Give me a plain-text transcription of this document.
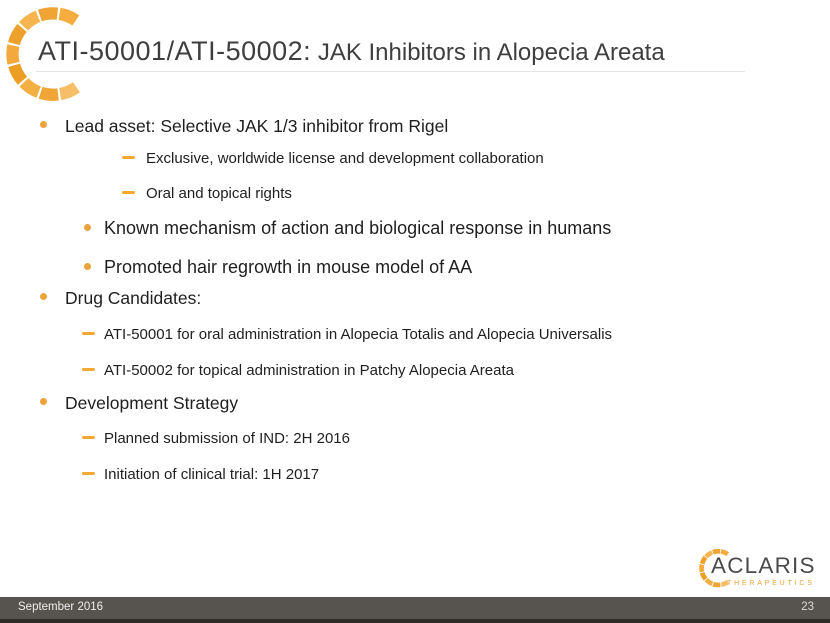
ATI-50001/ATI-50002: JAK Inhibitors in Alopecia Areata
Lead asset: Selective JAK 1/3 inhibitor from Rigel
Exclusive, worldwide license and development collaboration
Oral and topical rights
Known mechanism of action and biological response in humans
Promoted hair regrowth in mouse model of AA
Drug Candidates:
ATI-50001 for oral administration in Alopecia Totalis and Alopecia Universalis
ATI-50002 for topical administration in Patchy Alopecia Areata
Development Strategy
Planned submission of IND: 2H 2016
Initiation of clinical trial: 1H 2017
ACLARIS
THERAPEUTICS
September 2016	23
